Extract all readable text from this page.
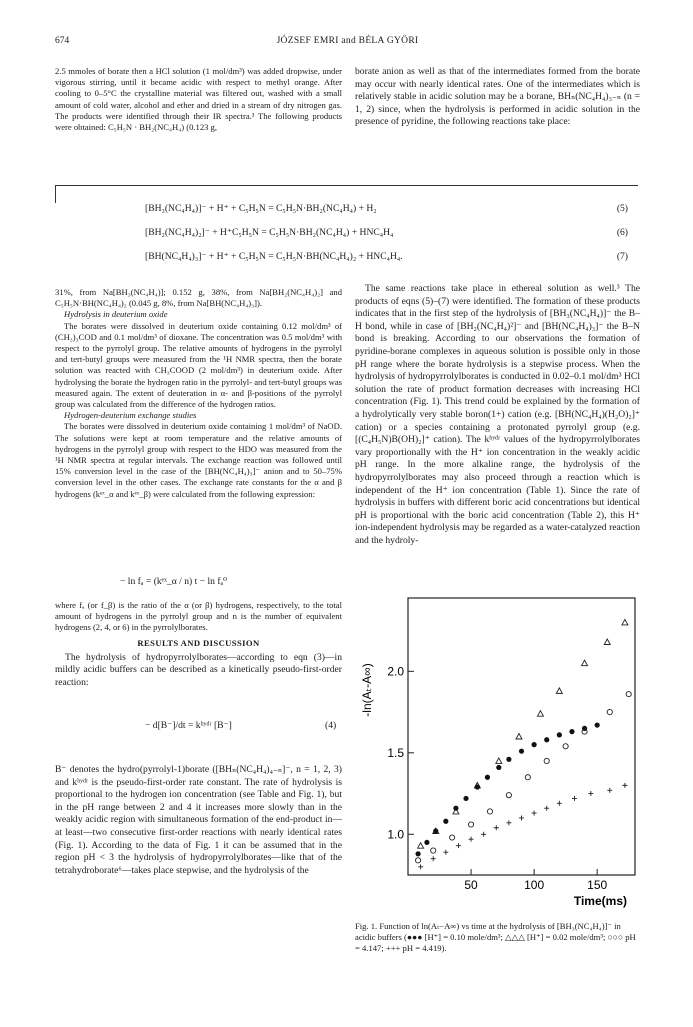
674	JÓZSEF EMRI and BÉLA GYÖRI

2.5 mmoles of borate then a HCl solution (1 mol/dm³) was added dropwise, under vigorous stirring, until it became acidic with respect to methyl orange. After cooling to 0–5°C the crystalline material was filtered out, washed with a small amount of cold water, alcohol and ether and dried in a stream of dry nitrogen gas. The products were identified through their IR spectra.³ The following products were obtained: C₅H₅N · BH₂(NC₄H₄) (0.123 g,

borate anion as well as that of the intermediates formed from the borate may occur with nearly identical rates. One of the intermediates which is relatively stable in acidic solution may be a borane, BHₙ(NC₄H₄)₃₋ₙ (n = 1, 2) since, when the hydrolysis is performed in acidic solution in the presence of pyridine, the following reactions take place:

[BH₃(NC₄H₄)]⁻ + H⁺ + C₅H₅N = C₅H₅N·BH₂(NC₄H₄) + H₂	(5)
[BH₂(NC₄H₄)₂]⁻ + H⁺C₅H₅N = C₅H₅N·BH₂(NC₄H₄) + HNC₄H₄	(6)
[BH(NC₄H₄)₃]⁻ + H⁺ + C₅H₅N = C₅H₅N·BH(NC₄H₄)₂ + HNC₄H₄.	(7)

31%, from Na[BH₃(NC₄H₄)]; 0.152 g, 38%, from Na[BH₂(NC₄H₄)₂] and C₅H₅N·BH(NC₄H₄)₂ (0.045 g, 8%, from Na[BH(NC₄H₄)₃]).

Hydrolysis in deuterium oxide

The borates were dissolved in deuterium oxide containing 0.12 mol/dm³ of (CH₃)₃COD and 0.1 mol/dm³ of dioxane. The concentration was 0.5 mol/dm³ with respect to the pyrrolyl group. The relative amounts of hydrogens in the pyrrolyl and tert-butyl groups were measured from the ¹H NMR spectra, then the borate solution was reacted with CH₃COOD (2 mol/dm³) in deuterium oxide. After hydrolysing the borate the hydrogen ratio in the pyrrolyl- and tert-butyl groups was measured again. The extent of deuteration in α- and β-positions of the pyrrolyl group was calculated from the difference of the hydrogen ratios.

Hydrogen-deuterium exchange studies

The borates were dissolved in deuterium oxide containing 1 mol/dm³ of NaOD. The solutions were kept at room temperature and the relative amounts of hydrogens in the pyrrolyl group with respect to the HDO was measured from the ¹H NMR spectra at regular intervals. The exchange reaction was followed until 15% conversion level in the case of the [BH(NC₄H₄)₃]⁻ anion and to 50–75% conversion level in the other cases. The exchange rate constants for the α and β hydrogens (kᵉˣ_α and kᵉˣ_β) were calculated from the following expression:

− ln fₐ = (kᵉˣ_α / n) t − ln fₐ⁰

where fₐ (or f_β) is the ratio of the α (or β) hydrogens, respectively, to the total amount of hydrogens in the pyrrolyl group and n is the number of equivalent hydrogens (2, 4, or 6) in the pyrrolylborates.

RESULTS AND DISCUSSION
The hydrolysis of hydropyrrolylborates—according to eqn (3)—in mildly acidic buffers can be described as a kinetically pseudo-first-order reaction:
− d[B⁻]/dt = kʰʸᵈʳ [B⁻]	(4)

B⁻ denotes the hydro(pyrrolyl-1)borate ([BHₙ(NC₄H₄)₄₋ₙ]⁻, n = 1, 2, 3) and kʰʸᵈʳ is the pseudo-first-order rate constant. The rate of hydrolysis is proportional to the hydrogen ion concentration (see Table and Fig. 1), but in the pH range between 2 and 4 it increases more slowly than in the weakly acidic region with simultaneous formation of the end-product in—at least—two consecutive first-order reactions with nearly identical rates (Fig. 1). According to the data of Fig. 1 it can be assumed that in the region pH < 3 the hydrolysis of hydropyrrolylborates—like that of the tetrahydroborate⁶—takes place stepwise, and the hydrolysis of the

The same reactions take place in ethereal solution as well.³ The products of eqns (5)–(7) were identified. The formation of these products indicates that in the first step of the hydrolysis of [BH₃(NC₄H₄)]⁻ the B–H bond, while in case of [BH₂(NC₄H₄)²]⁻ and [BH(NC₄H₄)₃]⁻ the B–N bond is breaking. According to our observations the formation of pyridine-borane complexes in aqueous solution is possible only in those pH range where the borate hydrolysis is a stepwise process. When the hydrolysis of hydropyrrolylborates is conducted in 0.02–0.1 mol/dm³ HCl solution the rate of product formation decreases with increasing HCl concentration (Fig. 1). This trend could be explained by the formation of a hydrolytically very stable boron(1+) cation (e.g. [BH(NC₄H₄)(H₂O)₂]⁺ cation) or a species containing a protonated pyrrolyl group (e.g. [(C₄H₅N)B(OH)₂]⁺ cation). The kʰʸᵈʳ values of the hydropyrrolylborates vary proportionally with the H⁺ ion concentration in the weakly acidic pH range. In the more alkaline range, the hydrolysis of the hydropyrrolylborates may also proceed through a reaction which is independent of the H⁺ ion concentration (Table 1). Since the rate of hydrolysis in buffers with different boric acid concentrations but identical pH is proportional with the boric acid concentration (Table 2), this H⁺ ion-independent hydrolysis may be regarded as a water-catalyzed reaction and the hydroly-

50	100	150
1.0
1.5
2.0
Time(ms)
-ln(Aₜ-A∞)
Fig. 1. Function of ln(Aₜ−A∞) vs time at the hydrolysis of [BH₃(NC₄H₄)]⁻ in acidic buffers (●●● [H⁺] = 0.10 mole/dm³; △△△ [H⁺] = 0.02 mole/dm³; ○○○ pH = 4.147; +++ pH = 4.419).
